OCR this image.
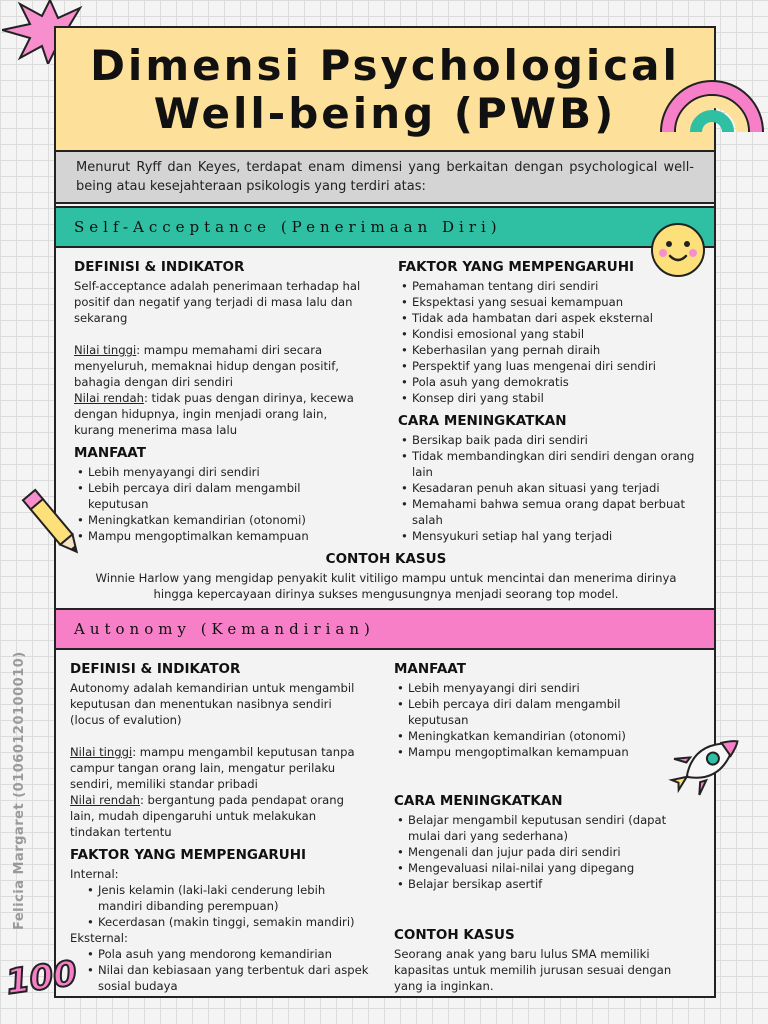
Dimensi Psychological
Well-being (PWB)
Menurut Ryff dan Keyes, terdapat enam dimensi yang berkaitan dengan psychological well-being atau kesejahteraan psikologis yang terdiri atas:
Self-Acceptance (Penerimaan Diri)
DEFINISI & INDIKATOR
Self-acceptance adalah penerimaan terhadap hal positif dan negatif yang terjadi di masa lalu dan sekarang
Nilai tinggi: mampu memahami diri secara menyeluruh, memaknai hidup dengan positif, bahagia dengan diri sendiri
Nilai rendah: tidak puas dengan dirinya, kecewa dengan hidupnya, ingin menjadi orang lain, kurang menerima masa lalu
MANFAAT
• Lebih menyayangi diri sendiri
• Lebih percaya diri dalam mengambil keputusan
• Meningkatkan kemandirian (otonomi)
• Mampu mengoptimalkan kemampuan
FAKTOR YANG MEMPENGARUHI
• Pemahaman tentang diri sendiri
• Ekspektasi yang sesuai kemampuan
• Tidak ada hambatan dari aspek eksternal
• Kondisi emosional yang stabil
• Keberhasilan yang pernah diraih
• Perspektif yang luas mengenai diri sendiri
• Pola asuh yang demokratis
• Konsep diri yang stabil
CARA MENINGKATKAN
• Bersikap baik pada diri sendiri
• Tidak membandingkan diri sendiri dengan orang lain
• Kesadaran penuh akan situasi yang terjadi
• Memahami bahwa semua orang dapat berbuat salah
• Mensyukuri setiap hal yang terjadi
CONTOH KASUS
Winnie Harlow yang mengidap penyakit kulit vitiligo mampu untuk mencintai dan menerima dirinya hingga kepercayaan dirinya sukses mengusungnya menjadi seorang top model.
Autonomy (Kemandirian)
DEFINISI & INDIKATOR
Autonomy adalah kemandirian untuk mengambil keputusan dan menentukan nasibnya sendiri (locus of evalution)
Nilai tinggi: mampu mengambil keputusan tanpa campur tangan orang lain, mengatur perilaku sendiri, memiliki standar pribadi
Nilai rendah: bergantung pada pendapat orang lain, mudah dipengaruhi untuk melakukan tindakan tertentu
FAKTOR YANG MEMPENGARUHI
Internal:
• Jenis kelamin (laki-laki cenderung lebih mandiri dibanding perempuan)
• Kecerdasan (makin tinggi, semakin mandiri)
Eksternal:
• Pola asuh yang mendorong kemandirian
• Nilai dan kebiasaan yang terbentuk dari aspek sosial budaya
MANFAAT
• Lebih menyayangi diri sendiri
• Lebih percaya diri dalam mengambil keputusan
• Meningkatkan kemandirian (otonomi)
• Mampu mengoptimalkan kemampuan
CARA MENINGKATKAN
• Belajar mengambil keputusan sendiri (dapat mulai dari yang sederhana)
• Mengenali dan jujur pada diri sendiri
• Mengevaluasi nilai-nilai yang dipegang
• Belajar bersikap asertif
CONTOH KASUS
Seorang anak yang baru lulus SMA memiliki kapasitas untuk memilih jurusan sesuai dengan yang ia inginkan.
100
Felicia Margaret (01060120100010)
